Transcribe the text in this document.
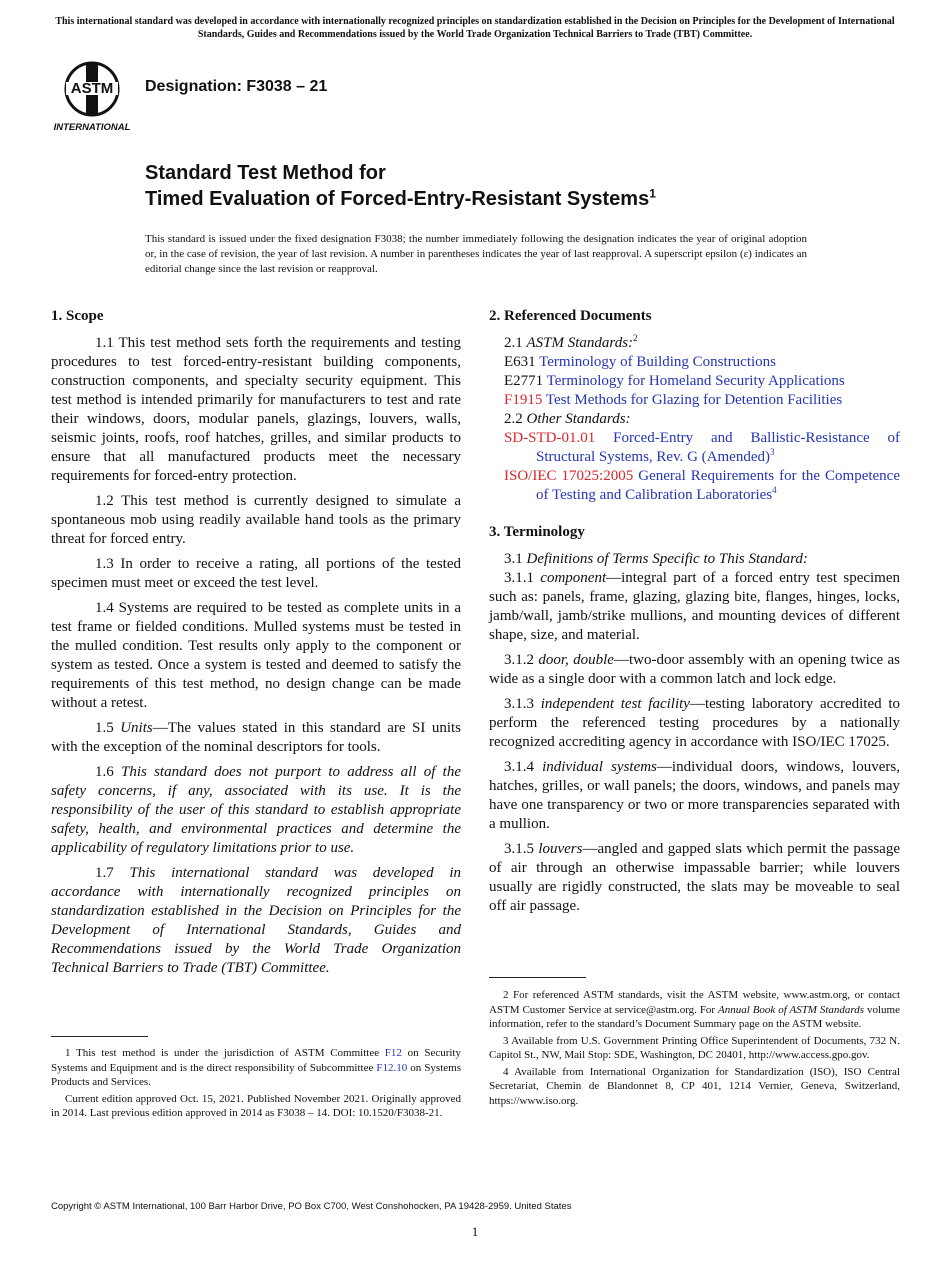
This international standard was developed in accordance with internationally recognized principles on standardization established in the Decision on Principles for the Development of International Standards, Guides and Recommendations issued by the World Trade Organization Technical Barriers to Trade (TBT) Committee.
ASTM
INTERNATIONAL
Designation: F3038 – 21
Standard Test Method for
Timed Evaluation of Forced-Entry-Resistant Systems$^1$
This standard is issued under the fixed designation F3038; the number immediately following the designation indicates the year of original adoption or, in the case of revision, the year of last revision. A number in parentheses indicates the year of last reapproval. A superscript epsilon (ε) indicates an editorial change since the last revision or reapproval.

1. Scope

1.1 This test method sets forth the requirements and testing procedures to test forced-entry-resistant building components, construction components, and specialty security equipment. This test method is intended primarily for manufacturers to test and rate their windows, doors, modular panels, glazings, louvers, walls, seismic joints, roofs, roof hatches, grilles, and similar products to ensure that all manufactured products meet the necessary requirements for forced-entry protection.

1.2 This test method is currently designed to simulate a spontaneous mob using readily available hand tools as the primary threat for forced entry.

1.3 In order to receive a rating, all portions of the tested specimen must meet or exceed the test level.

1.4 Systems are required to be tested as complete units in a test frame or fielded conditions. Mulled systems must be tested in the mulled condition. Test results only apply to the component or system as tested. Once a system is tested and deemed to satisfy the requirements of this test method, no design change can be made without a retest.

1.5 Units—The values stated in this standard are SI units with the exception of the nominal descriptors for tools.

1.6 This standard does not purport to address all of the safety concerns, if any, associated with its use. It is the responsibility of the user of this standard to establish appropriate safety, health, and environmental practices and determine the applicability of regulatory limitations prior to use.

1.7 This international standard was developed in accordance with internationally recognized principles on standardization established in the Decision on Principles for the Development of International Standards, Guides and Recommendations issued by the World Trade Organization Technical Barriers to Trade (TBT) Committee.

1 This test method is under the jurisdiction of ASTM Committee F12 on Security Systems and Equipment and is the direct responsibility of Subcommittee F12.10 on Systems Products and Services.

Current edition approved Oct. 15, 2021. Published November 2021. Originally approved in 2014. Last previous edition approved in 2014 as F3038 – 14. DOI: 10.1520/F3038-21.

2. Referenced Documents

2.1 ASTM Standards:$^2$

E631 Terminology of Building Constructions

E2771 Terminology for Homeland Security Applications

F1915 Test Methods for Glazing for Detention Facilities

2.2 Other Standards:

SD-STD-01.01 Forced-Entry and Ballistic-Resistance of Structural Systems, Rev. G (Amended)$^3$

ISO/IEC 17025:2005 General Requirements for the Competence of Testing and Calibration Laboratories$^4$

3. Terminology

3.1 Definitions of Terms Specific to This Standard:

3.1.1 component—integral part of a forced entry test specimen such as: panels, frame, glazing, glazing bite, flanges, hinges, locks, jamb/wall, jamb/strike mullions, and mounting devices of different shape, size, and material.

3.1.2 door, double—two-door assembly with an opening twice as wide as a single door with a common latch and lock edge.

3.1.3 independent test facility—testing laboratory accredited to perform the referenced testing procedures by a nationally recognized accrediting agency in accordance with ISO/IEC 17025.

3.1.4 individual systems—individual doors, windows, louvers, hatches, grilles, or wall panels; the doors, windows, and panels may have one transparency or two or more transparencies separated with a mullion.

3.1.5 louvers—angled and gapped slats which permit the passage of air through an otherwise impassable barrier; while louvers usually are rigidly constructed, the slats may be moveable to seal off air passage.

2 For referenced ASTM standards, visit the ASTM website, www.astm.org, or contact ASTM Customer Service at service@astm.org. For Annual Book of ASTM Standards volume information, refer to the standard’s Document Summary page on the ASTM website.

3 Available from U.S. Government Printing Office Superintendent of Documents, 732 N. Capitol St., NW, Mail Stop: SDE, Washington, DC 20401, http://www.access.gpo.gov.

4 Available from International Organization for Standardization (ISO), ISO Central Secretariat, Chemin de Blandonnet 8, CP 401, 1214 Vernier, Geneva, Switzerland, https://www.iso.org.

Copyright © ASTM International, 100 Barr Harbor Drive, PO Box C700, West Conshohocken, PA 19428-2959. United States
1
